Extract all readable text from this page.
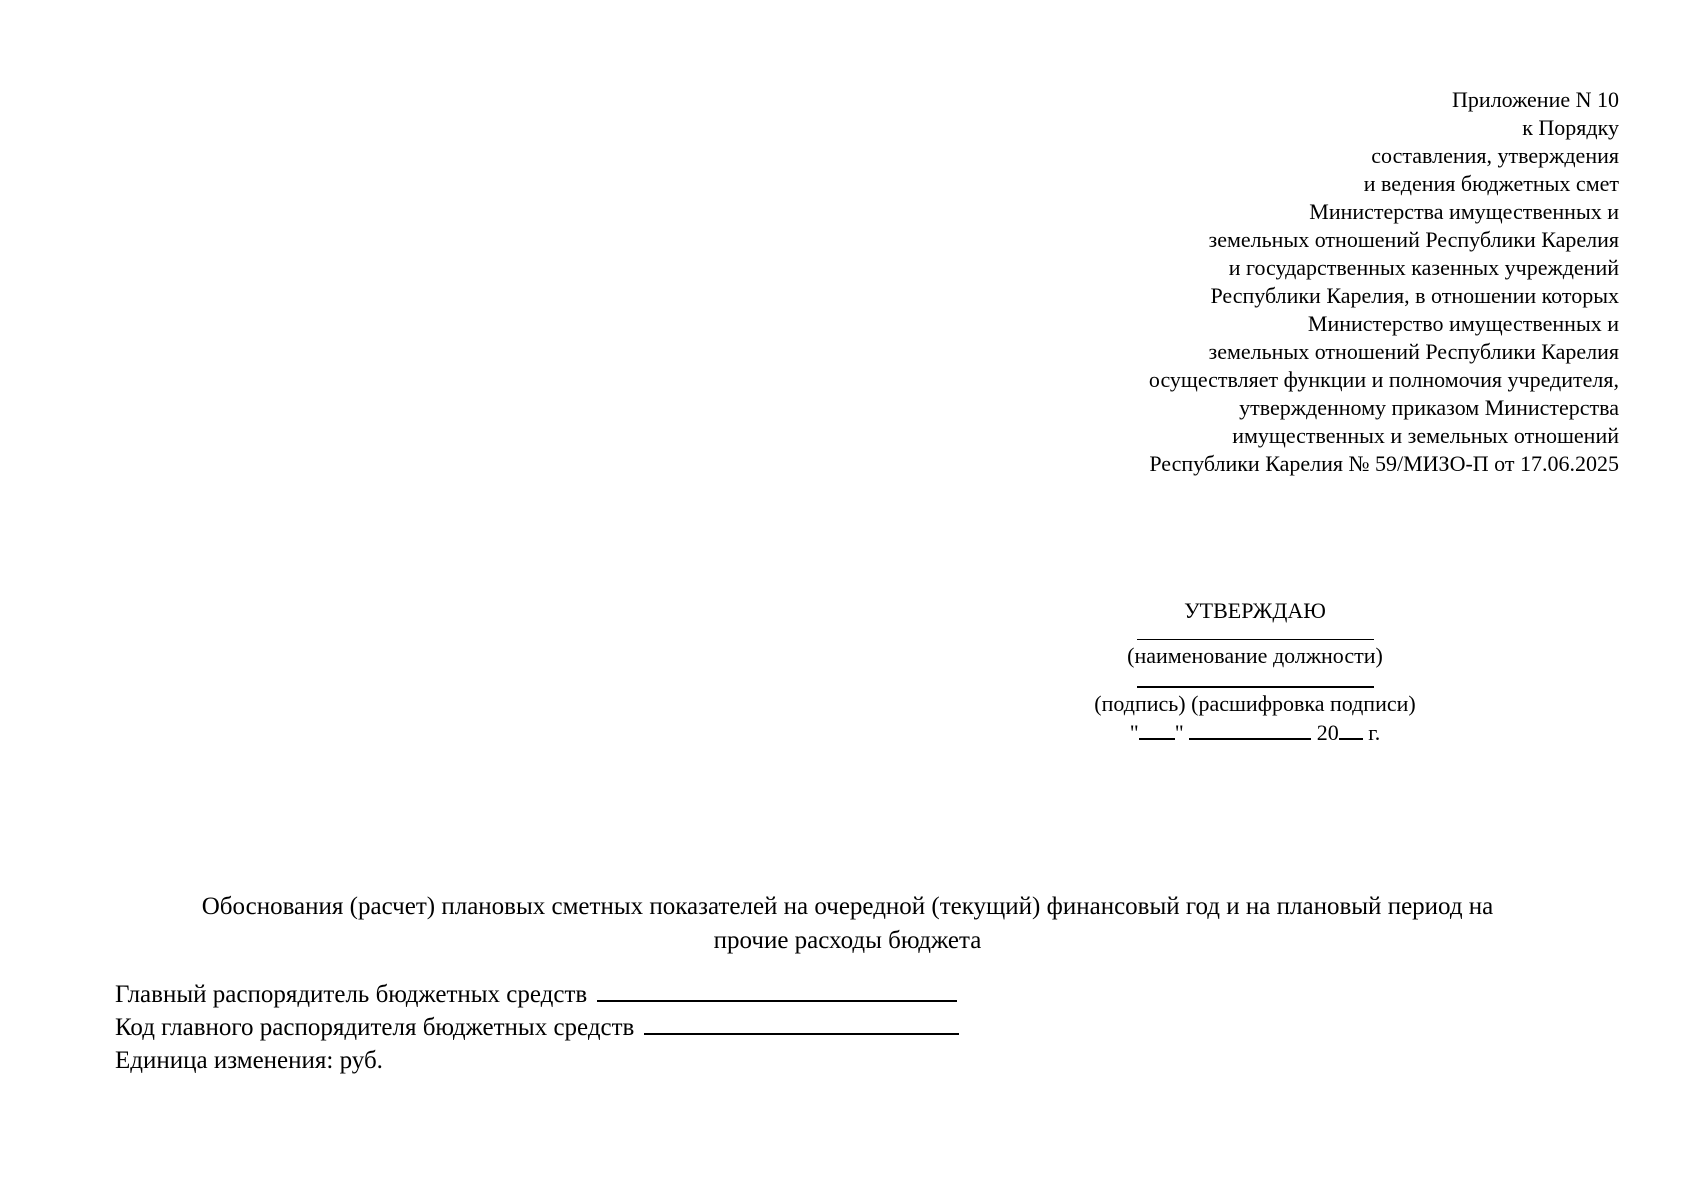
Приложение N 10
к Порядку
составления, утверждения
и ведения бюджетных смет
Министерства имущественных и
земельных отношений Республики Карелия
и государственных казенных учреждений
Республики Карелия, в отношении которых
Министерство имущественных и
земельных отношений Республики Карелия
осуществляет функции и полномочия учредителя,
утвержденному приказом Министерства
имущественных и земельных отношений
Республики Карелия № 59/МИЗО-П от 17.06.2025
УТВЕРЖДАЮ
(наименование должности)
(подпись) (расшифровка подписи)
" "	20 г.
Обоснования (расчет) плановых сметных показателей на очередной (текущий) финансовый год и на плановый период на
прочие расходы бюджета
Главный распорядитель бюджетных средств
Код главного распорядителя бюджетных средств
Единица изменения: руб.
